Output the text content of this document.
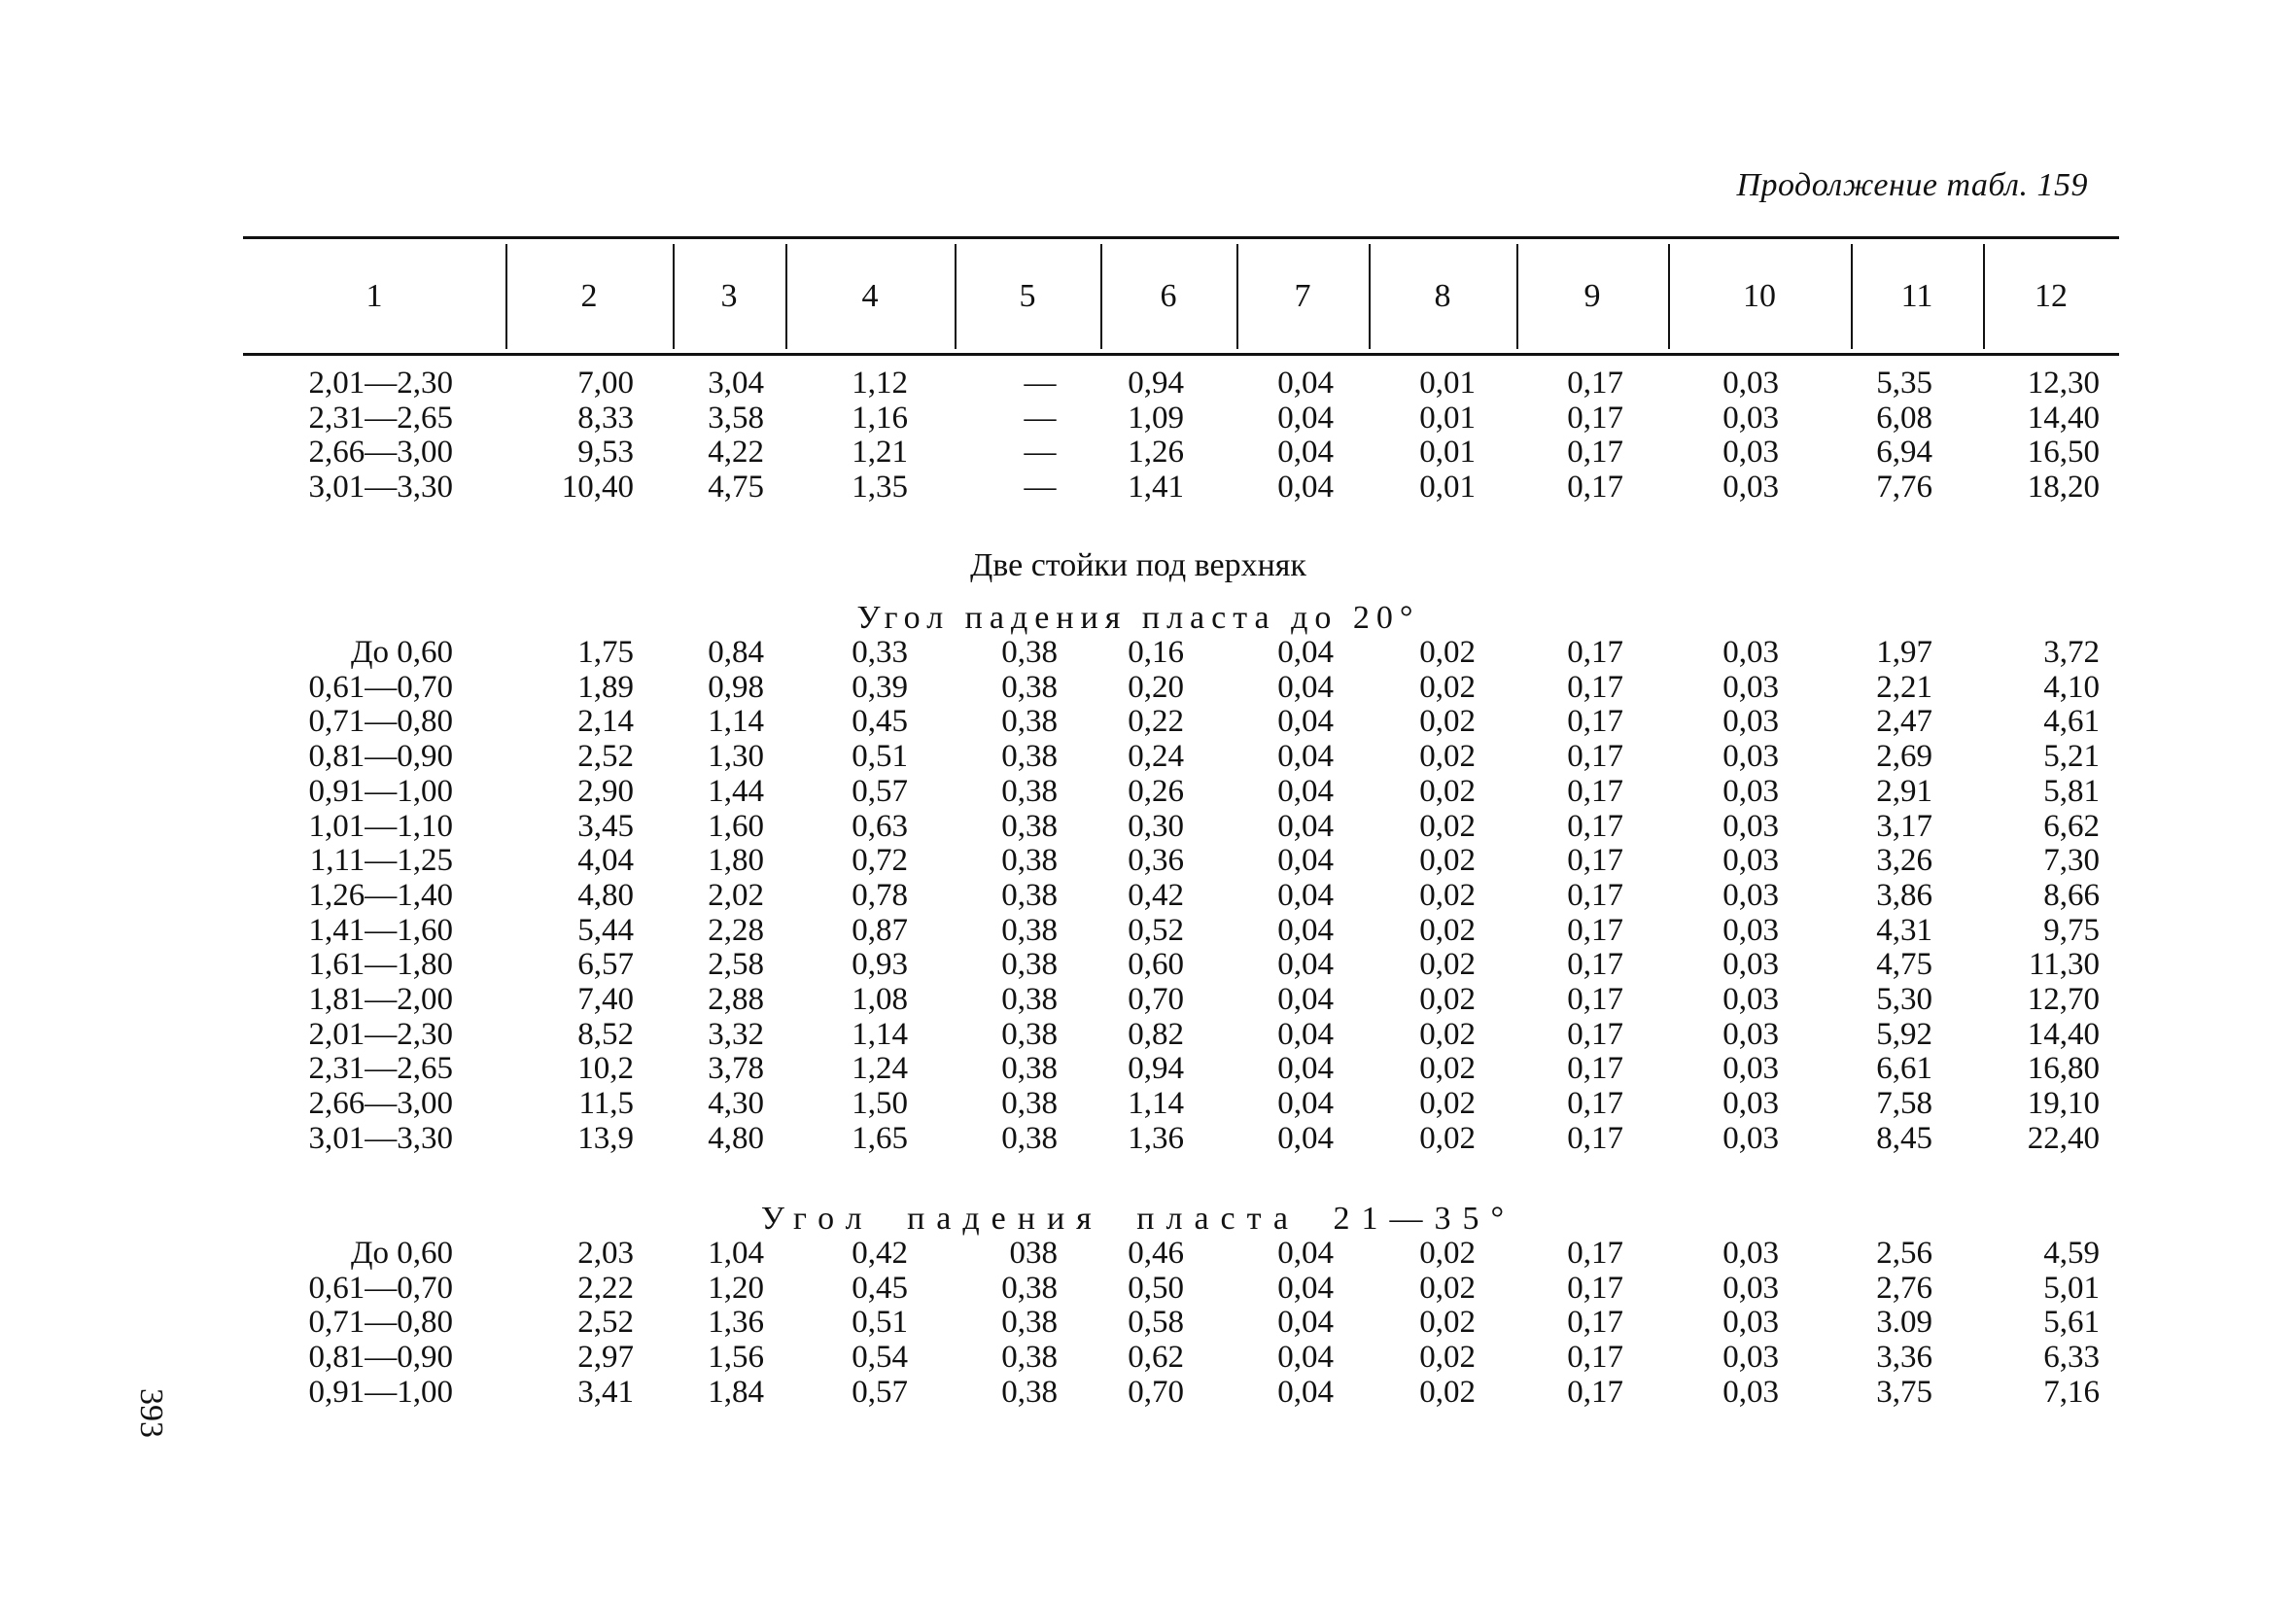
Продолжение табл. 159
1	2	3	4	5	6	7	8	9	10	11	12
2,01—2,30	7,00	3,04	1,12	—	0,94	0,04	0,01	0,17	0,03	5,35	12,30
2,31—2,65	8,33	3,58	1,16	—	1,09	0,04	0,01	0,17	0,03	6,08	14,40
2,66—3,00	9,53	4,22	1,21	—	1,26	0,04	0,01	0,17	0,03	6,94	16,50
3,01—3,30	10,40	4,75	1,35	—	1,41	0,04	0,01	0,17	0,03	7,76	18,20
Две стойки под верхняк
Угол падения пласта до 20°
До 0,60	1,75	0,84	0,33	0,38	0,16	0,04	0,02	0,17	0,03	1,97	3,72
0,61—0,70	1,89	0,98	0,39	0,38	0,20	0,04	0,02	0,17	0,03	2,21	4,10
0,71—0,80	2,14	1,14	0,45	0,38	0,22	0,04	0,02	0,17	0,03	2,47	4,61
0,81—0,90	2,52	1,30	0,51	0,38	0,24	0,04	0,02	0,17	0,03	2,69	5,21
0,91—1,00	2,90	1,44	0,57	0,38	0,26	0,04	0,02	0,17	0,03	2,91	5,81
1,01—1,10	3,45	1,60	0,63	0,38	0,30	0,04	0,02	0,17	0,03	3,17	6,62
1,11—1,25	4,04	1,80	0,72	0,38	0,36	0,04	0,02	0,17	0,03	3,26	7,30
1,26—1,40	4,80	2,02	0,78	0,38	0,42	0,04	0,02	0,17	0,03	3,86	8,66
1,41—1,60	5,44	2,28	0,87	0,38	0,52	0,04	0,02	0,17	0,03	4,31	9,75
1,61—1,80	6,57	2,58	0,93	0,38	0,60	0,04	0,02	0,17	0,03	4,75	11,30
1,81—2,00	7,40	2,88	1,08	0,38	0,70	0,04	0,02	0,17	0,03	5,30	12,70
2,01—2,30	8,52	3,32	1,14	0,38	0,82	0,04	0,02	0,17	0,03	5,92	14,40
2,31—2,65	10,2	3,78	1,24	0,38	0,94	0,04	0,02	0,17	0,03	6,61	16,80
2,66—3,00	11,5	4,30	1,50	0,38	1,14	0,04	0,02	0,17	0,03	7,58	19,10
3,01—3,30	13,9	4,80	1,65	0,38	1,36	0,04	0,02	0,17	0,03	8,45	22,40
Угол падения пласта 21—35°
До 0,60	2,03	1,04	0,42	038	0,46	0,04	0,02	0,17	0,03	2,56	4,59
0,61—0,70	2,22	1,20	0,45	0,38	0,50	0,04	0,02	0,17	0,03	2,76	5,01
0,71—0,80	2,52	1,36	0,51	0,38	0,58	0,04	0,02	0,17	0,03	3.09	5,61
0,81—0,90	2,97	1,56	0,54	0,38	0,62	0,04	0,02	0,17	0,03	3,36	6,33
0,91—1,00	3,41	1,84	0,57	0,38	0,70	0,04	0,02	0,17	0,03	3,75	7,16
393
